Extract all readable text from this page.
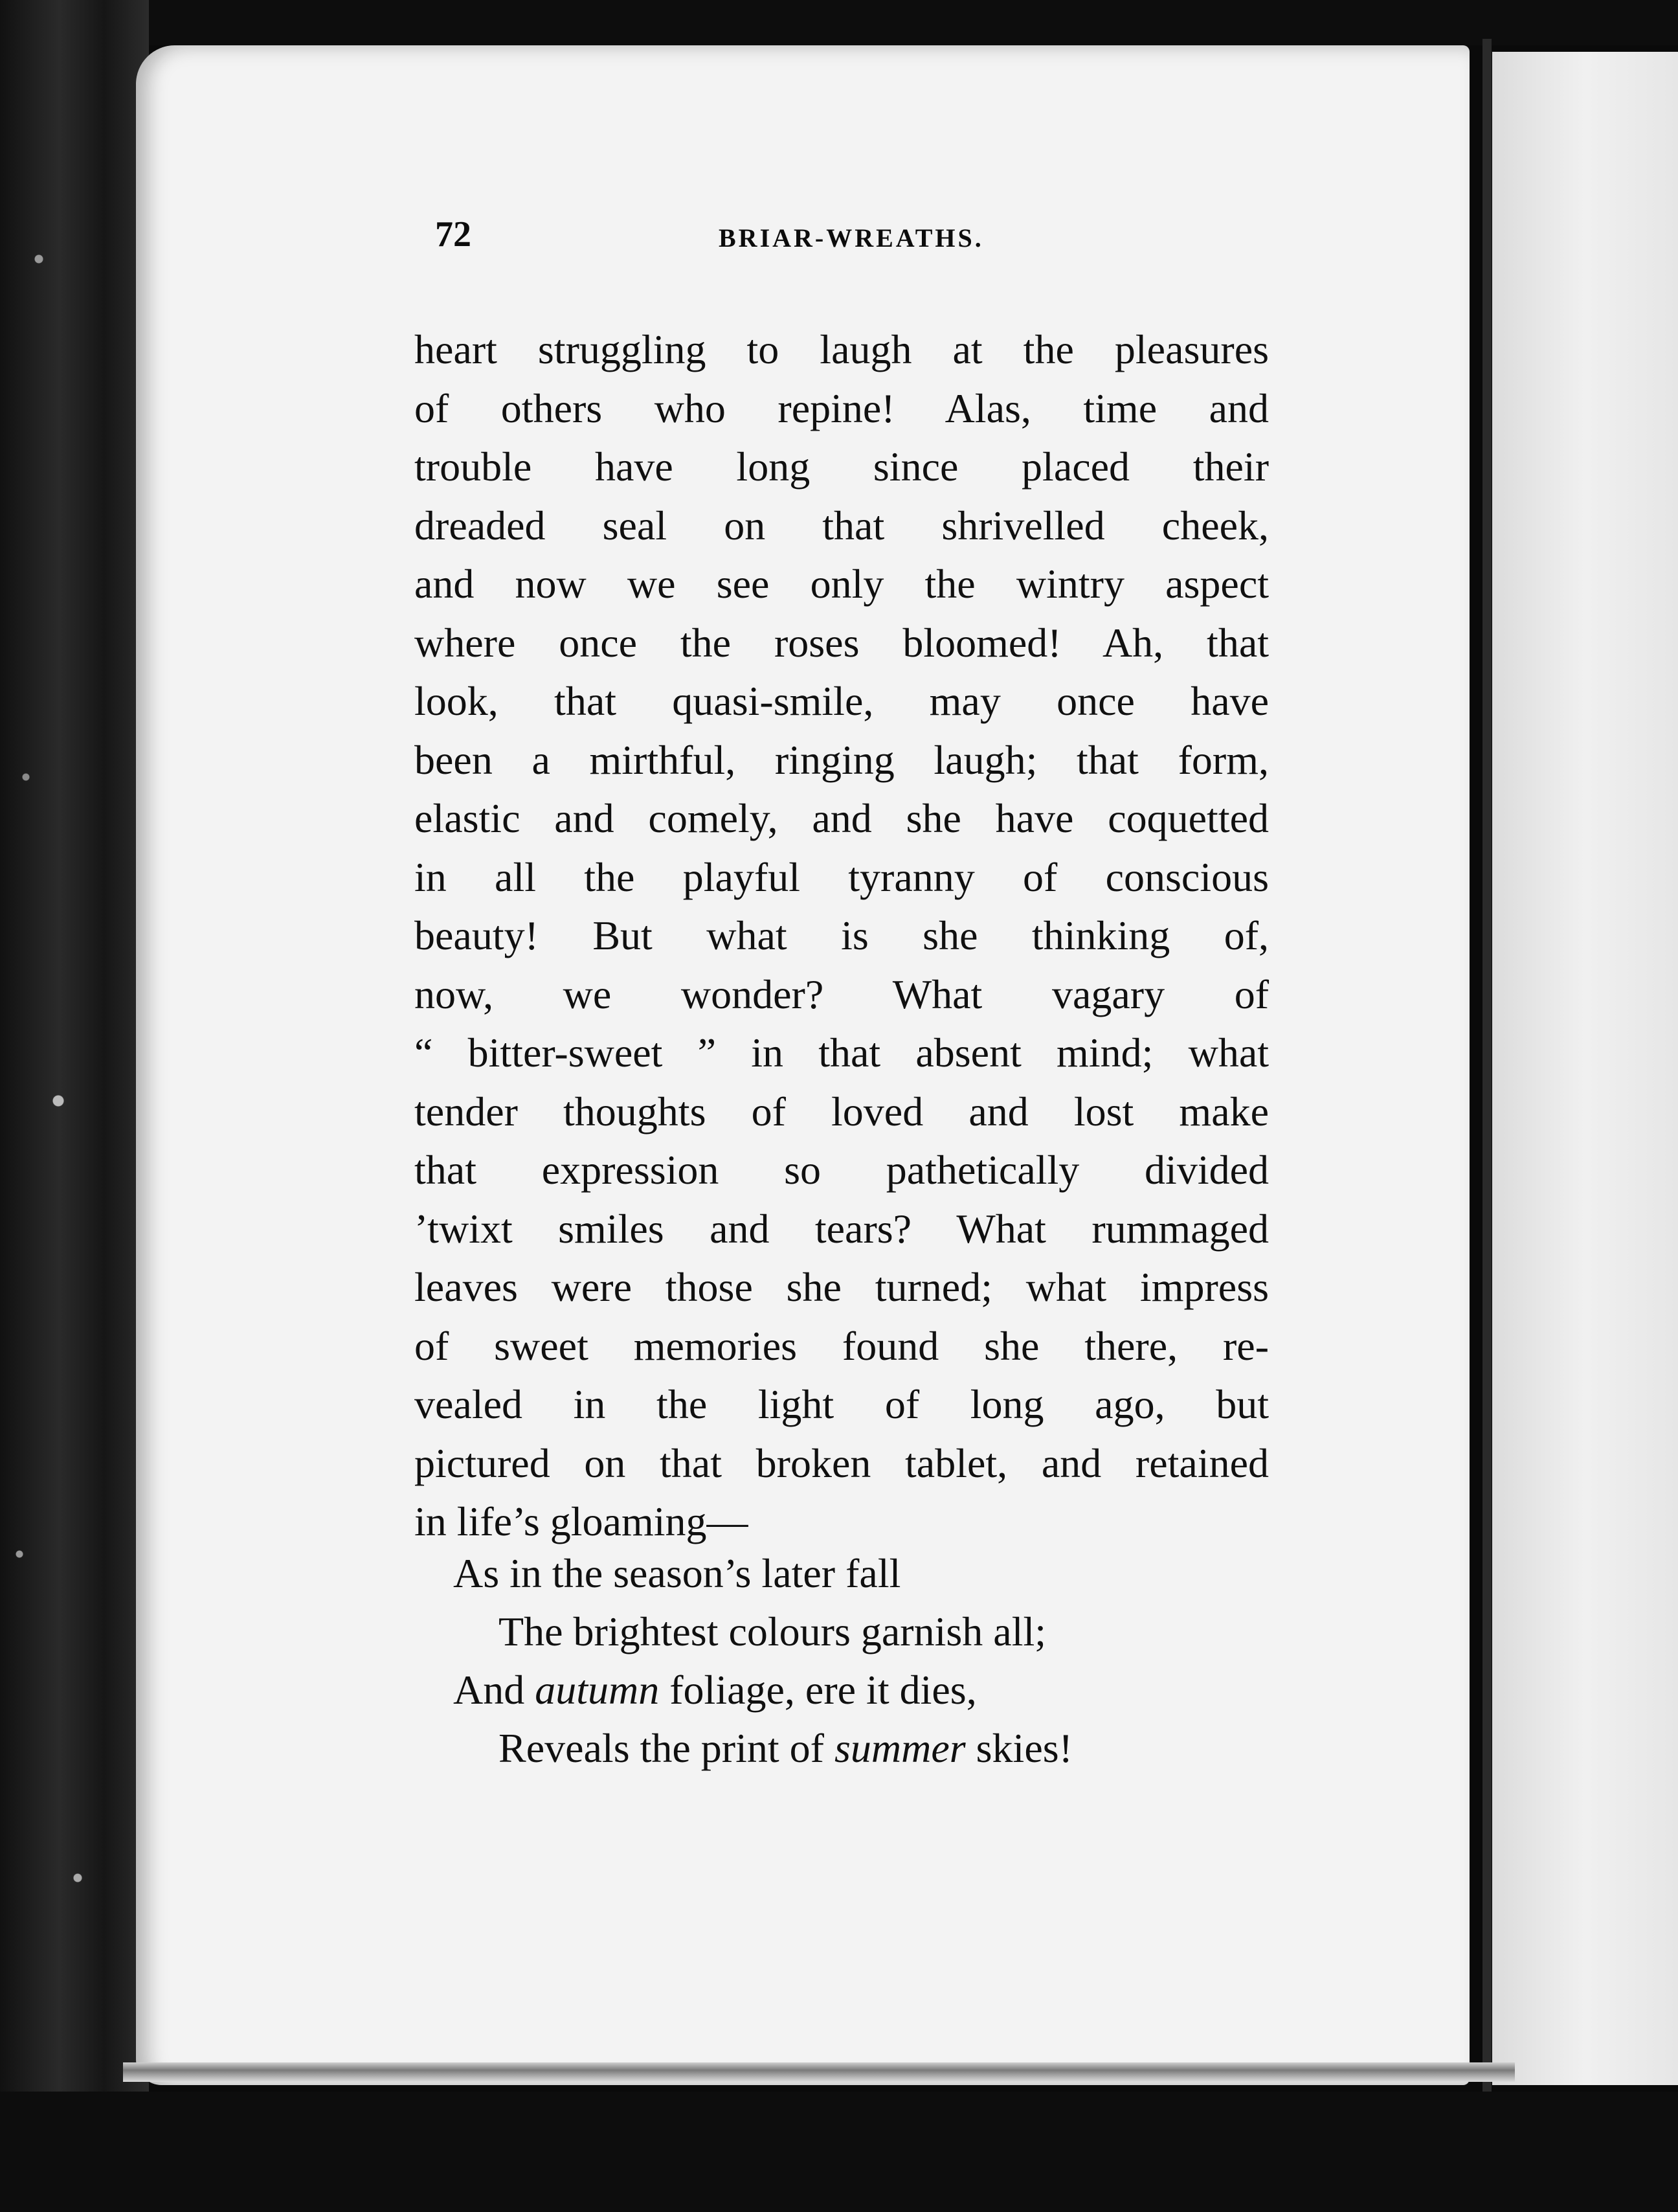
72	BRIAR-WREATHS.
heart struggling to laugh at the pleasures
of others who repine! Alas, time and
trouble have long since placed their
dreaded seal on that shrivelled cheek,
and now we see only the wintry aspect
where once the roses bloomed! Ah, that
look, that quasi-smile, may once have
been a mirthful, ringing laugh; that form,
elastic and comely, and she have coquetted
in all the playful tyranny of conscious
beauty! But what is she thinking of,
now, we wonder? What vagary of
“ bitter-sweet ” in that absent mind; what
tender thoughts of loved and lost make
that expression so pathetically divided
’twixt smiles and tears? What rummaged
leaves were those she turned; what impress
of sweet memories found she there, re-
vealed in the light of long ago, but
pictured on that broken tablet, and retained
in life’s gloaming—
As in the season’s later fall
The brightest colours garnish all;
And autumn foliage, ere it dies,
Reveals the print of summer skies!
